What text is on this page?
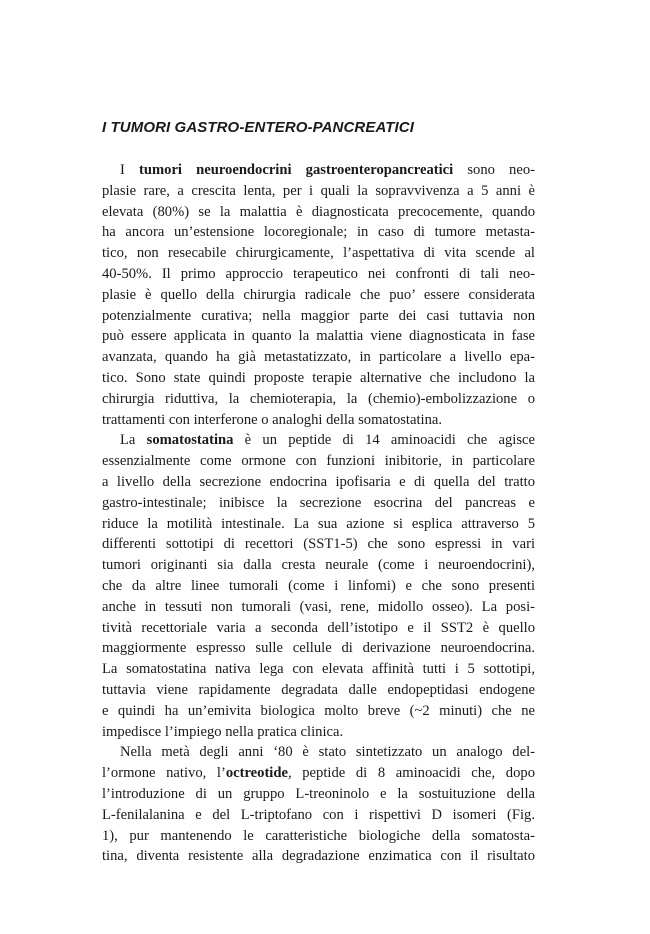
I TUMORI GASTRO-ENTERO-PANCREATICI
I tumori neuroendocrini gastroenteropancreatici sono neo-
plasie rare, a crescita lenta, per i quali la sopravvivenza a 5 anni è
elevata (80%) se la malattia è diagnosticata precocemente, quando
ha ancora un’estensione locoregionale; in caso di tumore metasta-
tico, non resecabile chirurgicamente, l’aspettativa di vita scende al
40-50%. Il primo approccio terapeutico nei confronti di tali neo-
plasie è quello della chirurgia radicale che puo’ essere considerata
potenzialmente curativa; nella maggior parte dei casi tuttavia non
può essere applicata in quanto la malattia viene diagnosticata in fase
avanzata, quando ha già metastatizzato, in particolare a livello epa-
tico. Sono state quindi proposte terapie alternative che includono la
chirurgia riduttiva, la chemioterapia, la (chemio)-embolizzazione o
trattamenti con interferone o analoghi della somatostatina.
La somatostatina è un peptide di 14 aminoacidi che agisce
essenzialmente come ormone con funzioni inibitorie, in particolare
a livello della secrezione endocrina ipofisaria e di quella del tratto
gastro-intestinale; inibisce la secrezione esocrina del pancreas e
riduce la motilità intestinale. La sua azione si esplica attraverso 5
differenti sottotipi di recettori (SST1-5) che sono espressi in vari
tumori originanti sia dalla cresta neurale (come i neuroendocrini),
che da altre linee tumorali (come i linfomi) e che sono presenti
anche in tessuti non tumorali (vasi, rene, midollo osseo). La posi-
tività recettoriale varia a seconda dell’istotipo e il SST2 è quello
maggiormente espresso sulle cellule di derivazione neuroendocrina.
La somatostatina nativa lega con elevata affinità tutti i 5 sottotipi,
tuttavia viene rapidamente degradata dalle endopeptidasi endogene
e quindi ha un’emivita biologica molto breve (~2 minuti) che ne
impedisce l’impiego nella pratica clinica.
Nella metà degli anni ‘80 è stato sintetizzato un analogo del-
l’ormone nativo, l’octreotide, peptide di 8 aminoacidi che, dopo
l’introduzione di un gruppo L-treoninolo e la sostuituzione della
L-fenilalanina e del L-triptofano con i rispettivi D isomeri (Fig.
1), pur mantenendo le caratteristiche biologiche della somatosta-
tina, diventa resistente alla degradazione enzimatica con il risultato
